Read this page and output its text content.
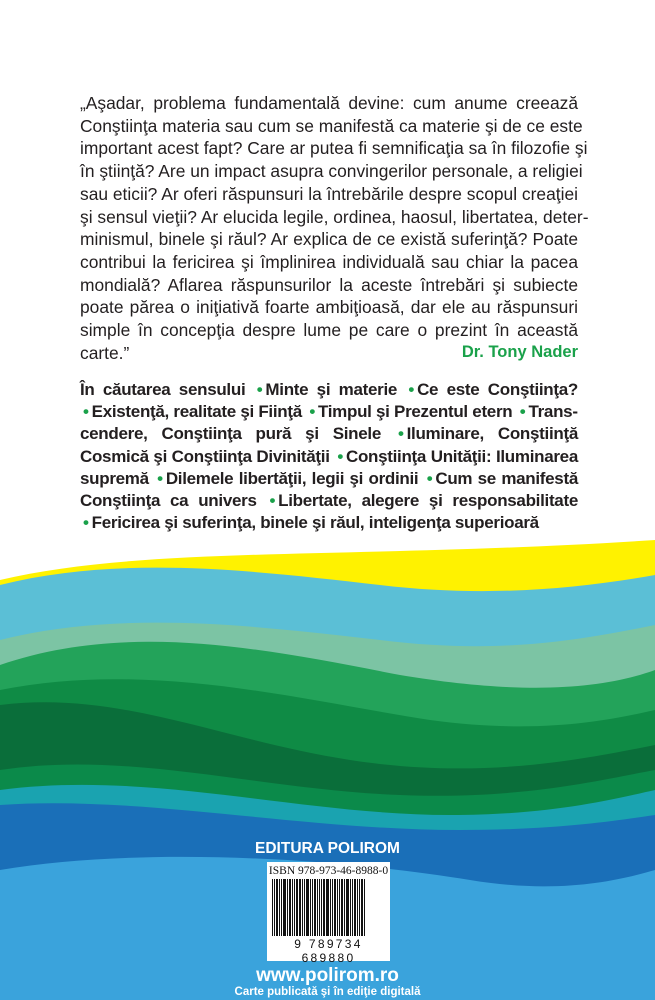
„Aşadar, problema fundamentală devine: cum anume creează
Conştiinţa materia sau cum se manifestă ca materie şi de ce este
important acest fapt? Care ar putea fi semnificaţia sa în filozofie şi
în ştiinţă? Are un impact asupra convingerilor personale, a religiei
sau eticii? Ar oferi răspunsuri la întrebările despre scopul creaţiei
şi sensul vieţii? Ar elucida legile, ordinea, haosul, libertatea, deter-
minismul, binele şi răul? Ar explica de ce există suferinţă? Poate
contribui la fericirea şi împlinirea individuală sau chiar la pacea
mondială? Aflarea răspunsurilor la aceste întrebări şi subiecte
poate părea o iniţiativă foarte ambiţioasă, dar ele au răspunsuri
simple în concepţia despre lume pe care o prezint în această
carte.”	Dr. Tony Nader
În căutarea sensului • Minte şi materie • Ce este Conştiinţa? • Existenţă, realitate şi Fiinţă • Timpul şi Prezentul etern • Transcendere, Conştiinţa pură şi Sinele • Iluminare, Conştiinţă Cosmică şi Conştiinţa Divinităţii • Conştiinţa Unităţii: Iluminarea supremă • Dilemele libertăţii, legii şi ordinii • Cum se manifestă Conştiinţa ca univers • Libertate, alegere şi responsabilitate • Fericirea şi suferinţa, binele şi răul, inteligenţa superioară
EDITURA POLIROM
ISBN 978-973-46-8988-0
9 789734 689880
www.polirom.ro
Carte publicată şi în ediţie digitală
